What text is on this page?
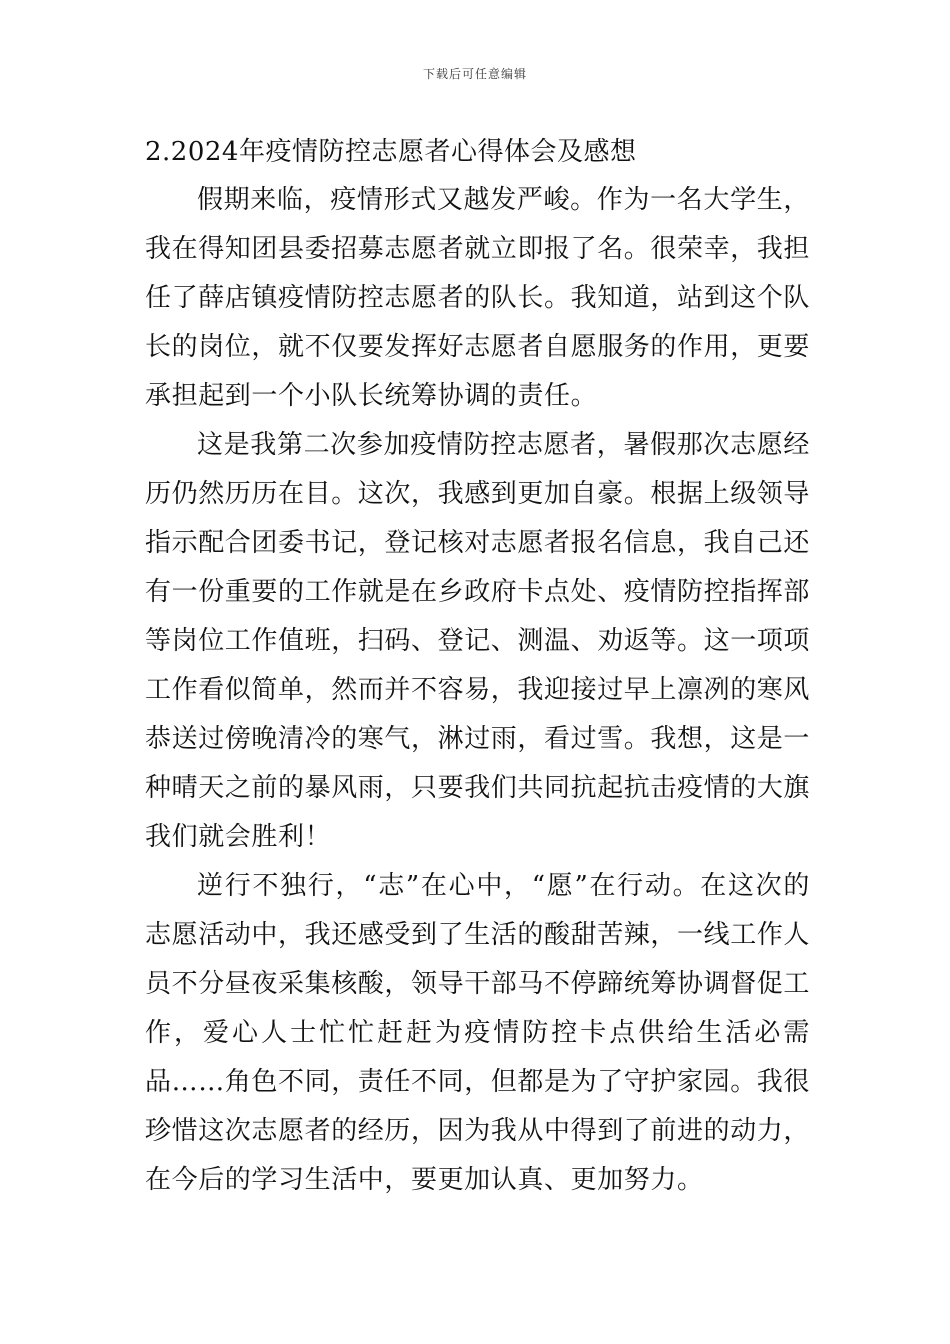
下载后可任意编辑
2.2024年疫情防控志愿者心得体会及感想

假期来临，疫情形式又越发严峻。作为一名大学生，我在得知团县委招募志愿者就立即报了名。很荣幸，我担任了薛店镇疫情防控志愿者的队长。我知道，站到这个队长的岗位，就不仅要发挥好志愿者自愿服务的作用，更要承担起到一个小队长统筹协调的责任。

这是我第二次参加疫情防控志愿者，暑假那次志愿经历仍然历历在目。这次，我感到更加自豪。根据上级领导指示配合团委书记，登记核对志愿者报名信息，我自己还有一份重要的工作就是在乡政府卡点处、疫情防控指挥部等岗位工作值班，扫码、登记、测温、劝返等。这一项项工作看似简单，然而并不容易，我迎接过早上凛冽的寒风恭送过傍晚清冷的寒气，淋过雨，看过雪。我想，这是一种晴天之前的暴风雨，只要我们共同抗起抗击疫情的大旗我们就会胜利！

逆行不独行，“志”在心中，“愿”在行动。在这次的志愿活动中，我还感受到了生活的酸甜苦辣，一线工作人员不分昼夜采集核酸，领导干部马不停蹄统筹协调督促工作，爱心人士忙忙赶赶为疫情防控卡点供给生活必需品……角色不同，责任不同，但都是为了守护家园。我很珍惜这次志愿者的经历，因为我从中得到了前进的动力，在今后的学习生活中，要更加认真、更加努力。
